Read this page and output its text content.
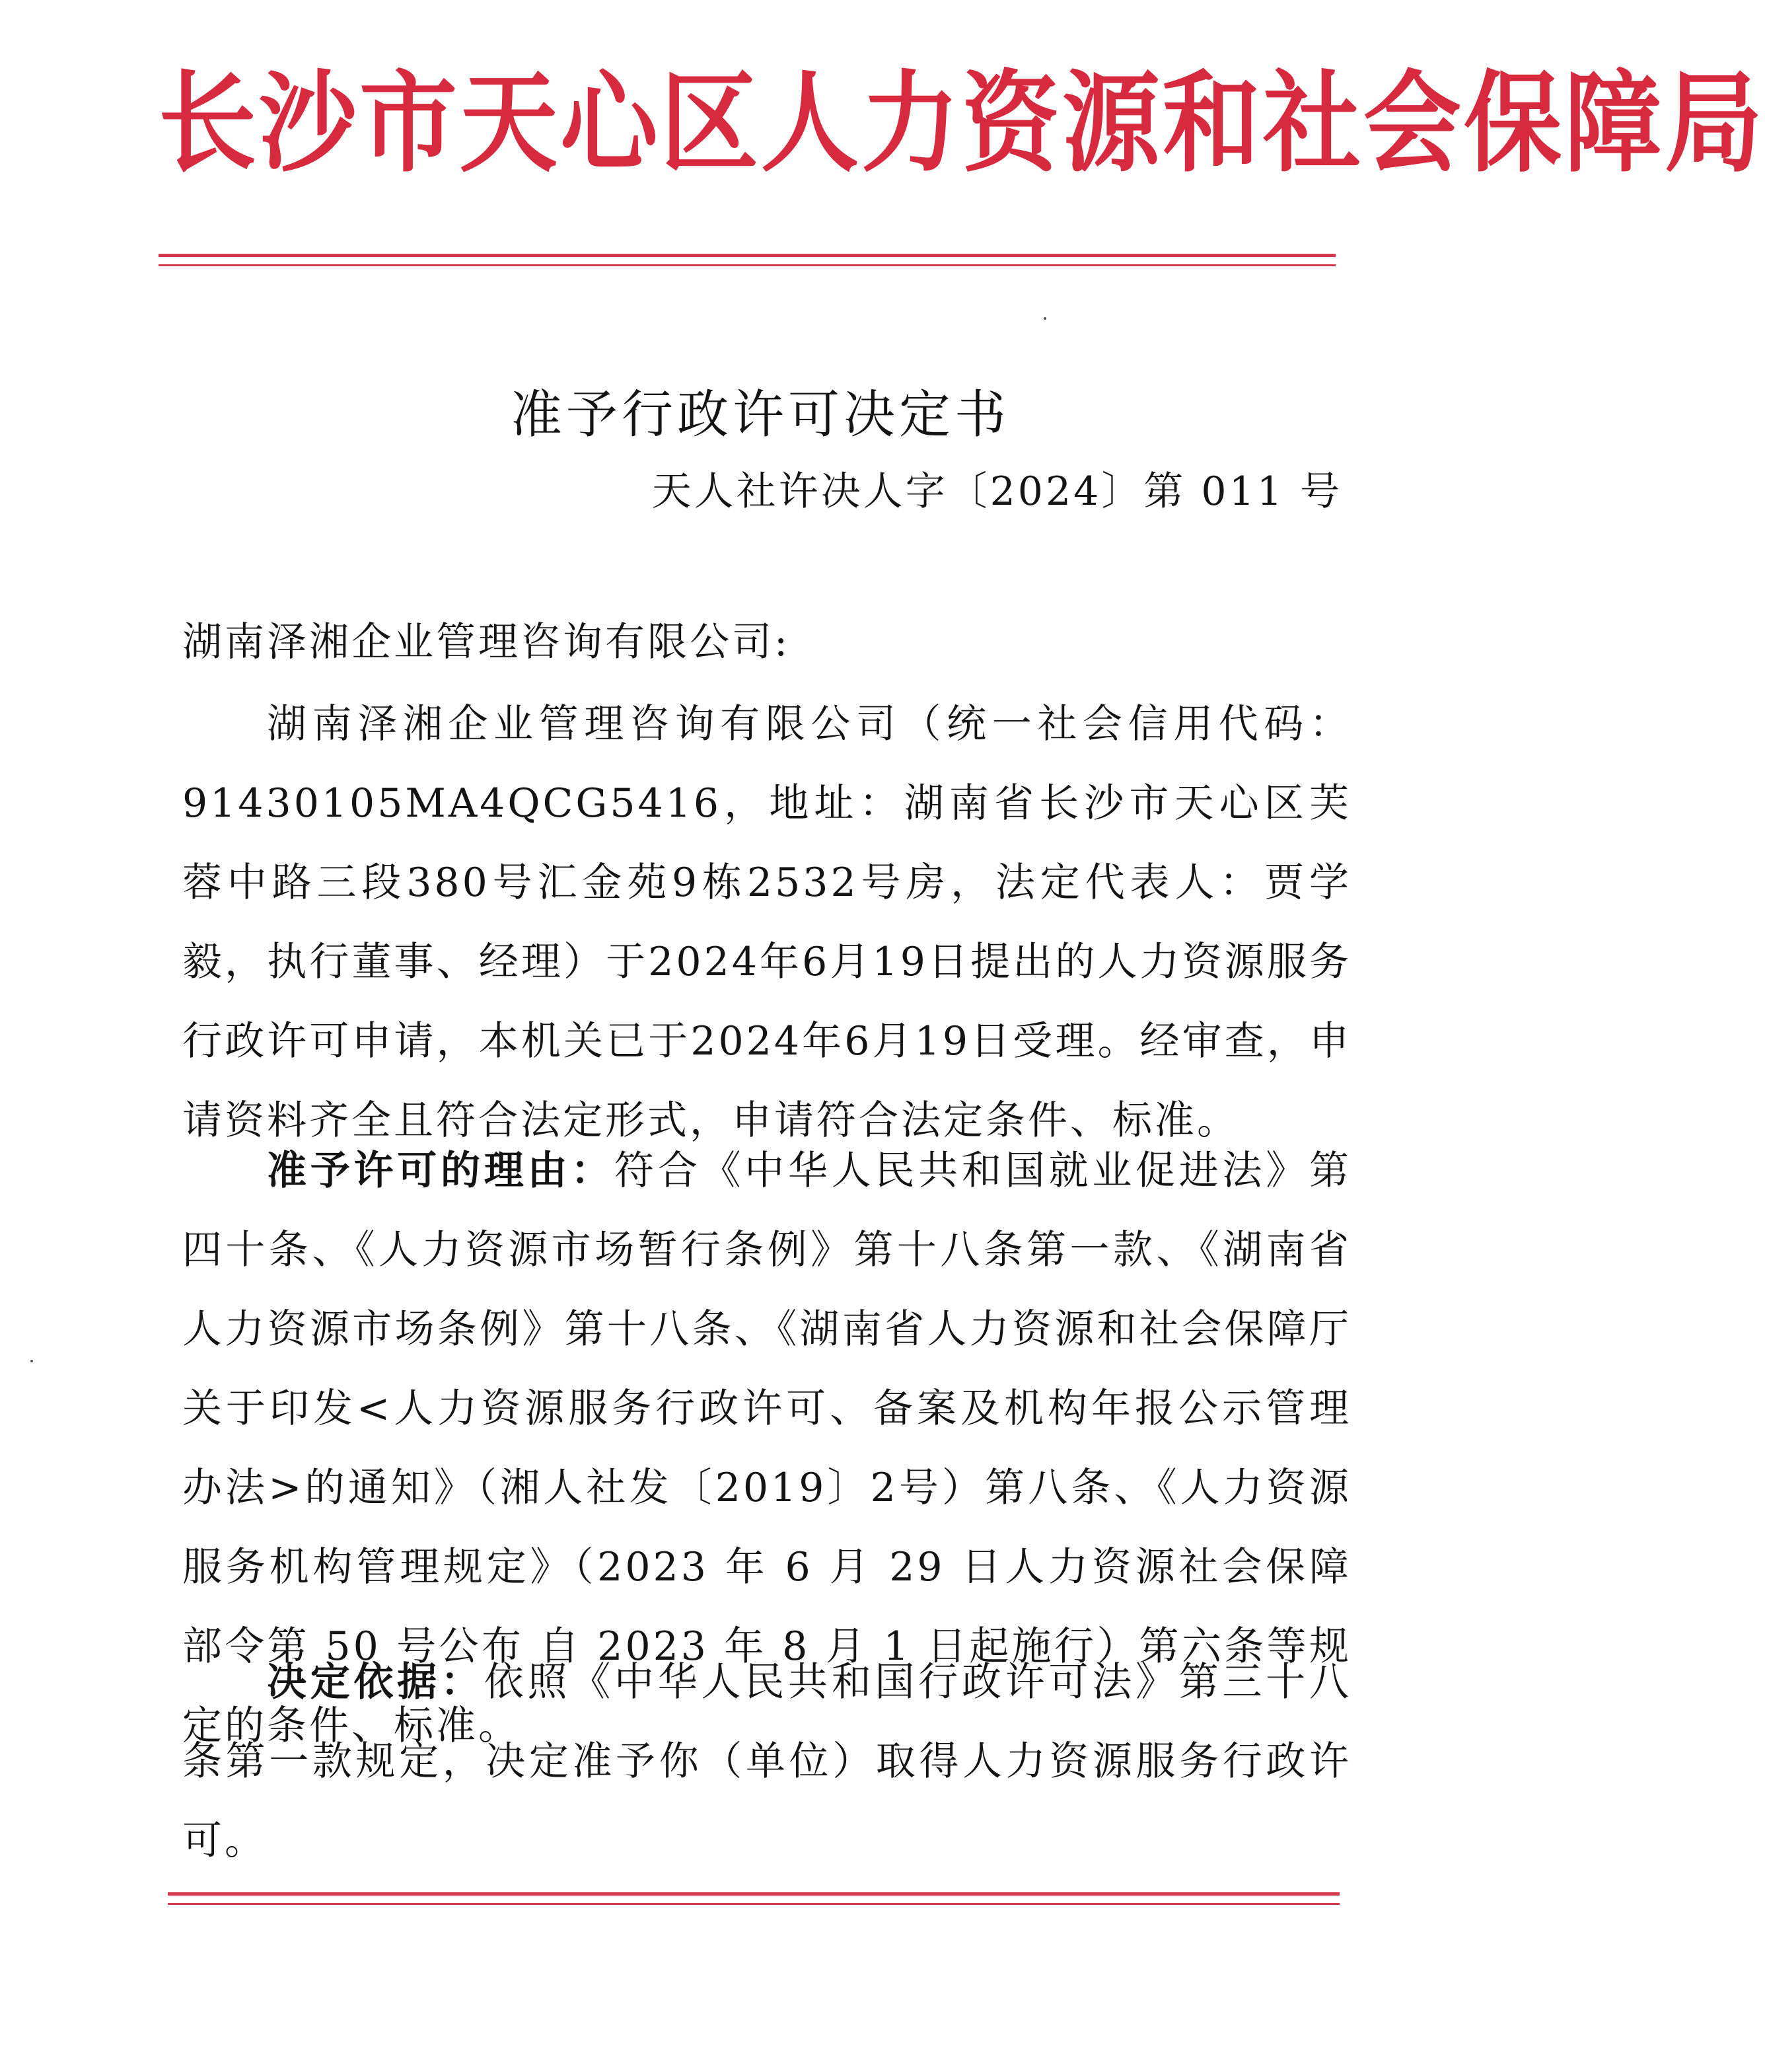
长沙市天心区人力资源和社会保障局
准予行政许可决定书
天人社许决人字〔2024〕第 011 号
湖南泽湘企业管理咨询有限公司:
湖南泽湘企业管理咨询有限公司（统一社会信用代码：91430105MA4QCG5416，地址：湖南省长沙市天心区芙蓉中路三段380号汇金苑9栋2532号房，法定代表人：贾学毅，执行董事、经理）于2024年6月19日提出的人力资源服务行政许可申请，本机关已于2024年6月19日受理。经审查，申请资料齐全且符合法定形式，申请符合法定条件、标准。
准予许可的理由：符合《中华人民共和国就业促进法》第四十条、《人力资源市场暂行条例》第十八条第一款、《湖南省人力资源市场条例》第十八条、《湖南省人力资源和社会保障厅关于印发<人力资源服务行政许可、备案及机构年报公示管理办法>的通知》（湘人社发〔2019〕2号）第八条、《人力资源服务机构管理规定》（2023 年 6 月 29 日人力资源社会保障部令第 50 号公布 自 2023 年 8 月 1 日起施行）第六条等规定的条件、标准。
决定依据：依照《中华人民共和国行政许可法》第三十八条第一款规定，决定准予你（单位）取得人力资源服务行政许可。
